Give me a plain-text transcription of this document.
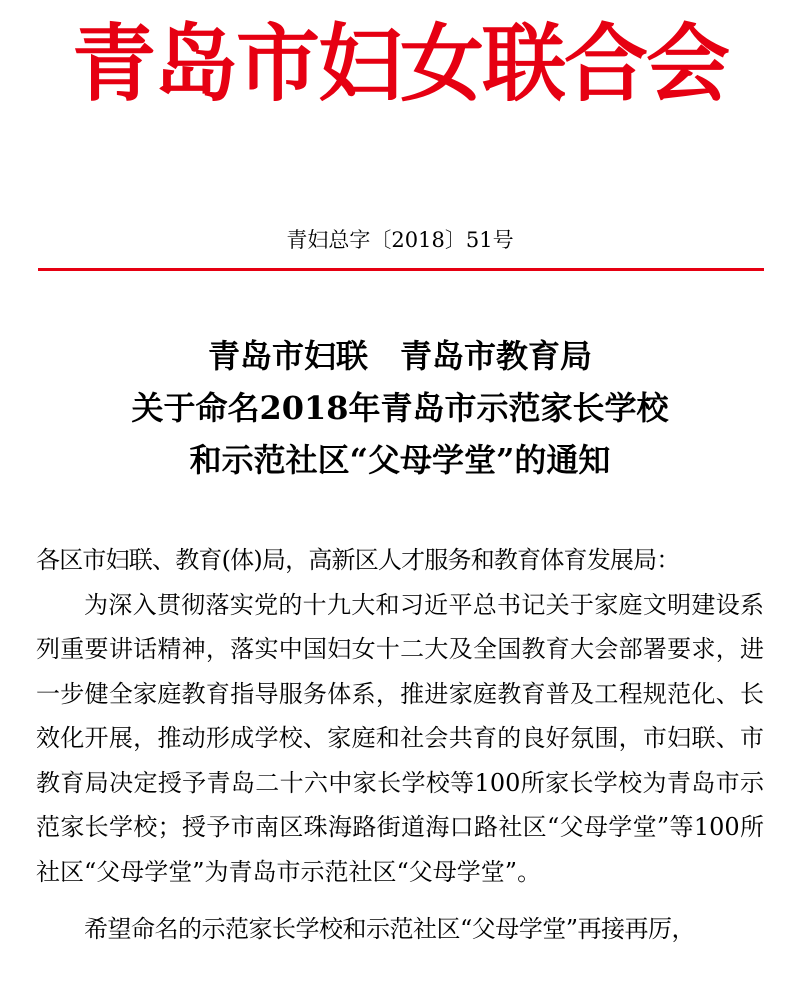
青岛市妇女联合会
青妇总字〔2018〕51号
青岛市妇联　青岛市教育局
关于命名2018年青岛市示范家长学校
和示范社区“父母学堂”的通知

各区市妇联、教育(体)局，高新区人才服务和教育体育发展局：

为深入贯彻落实党的十九大和习近平总书记关于家庭文明建设系列重要讲话精神，落实中国妇女十二大及全国教育大会部署要求，进一步健全家庭教育指导服务体系，推进家庭教育普及工程规范化、长效化开展，推动形成学校、家庭和社会共育的良好氛围，市妇联、市教育局决定授予青岛二十六中家长学校等100所家长学校为青岛市示范家长学校；授予市南区珠海路街道海口路社区“父母学堂”等100所社区“父母学堂”为青岛市示范社区“父母学堂”。

希望命名的示范家长学校和示范社区“父母学堂”再接再厉，
